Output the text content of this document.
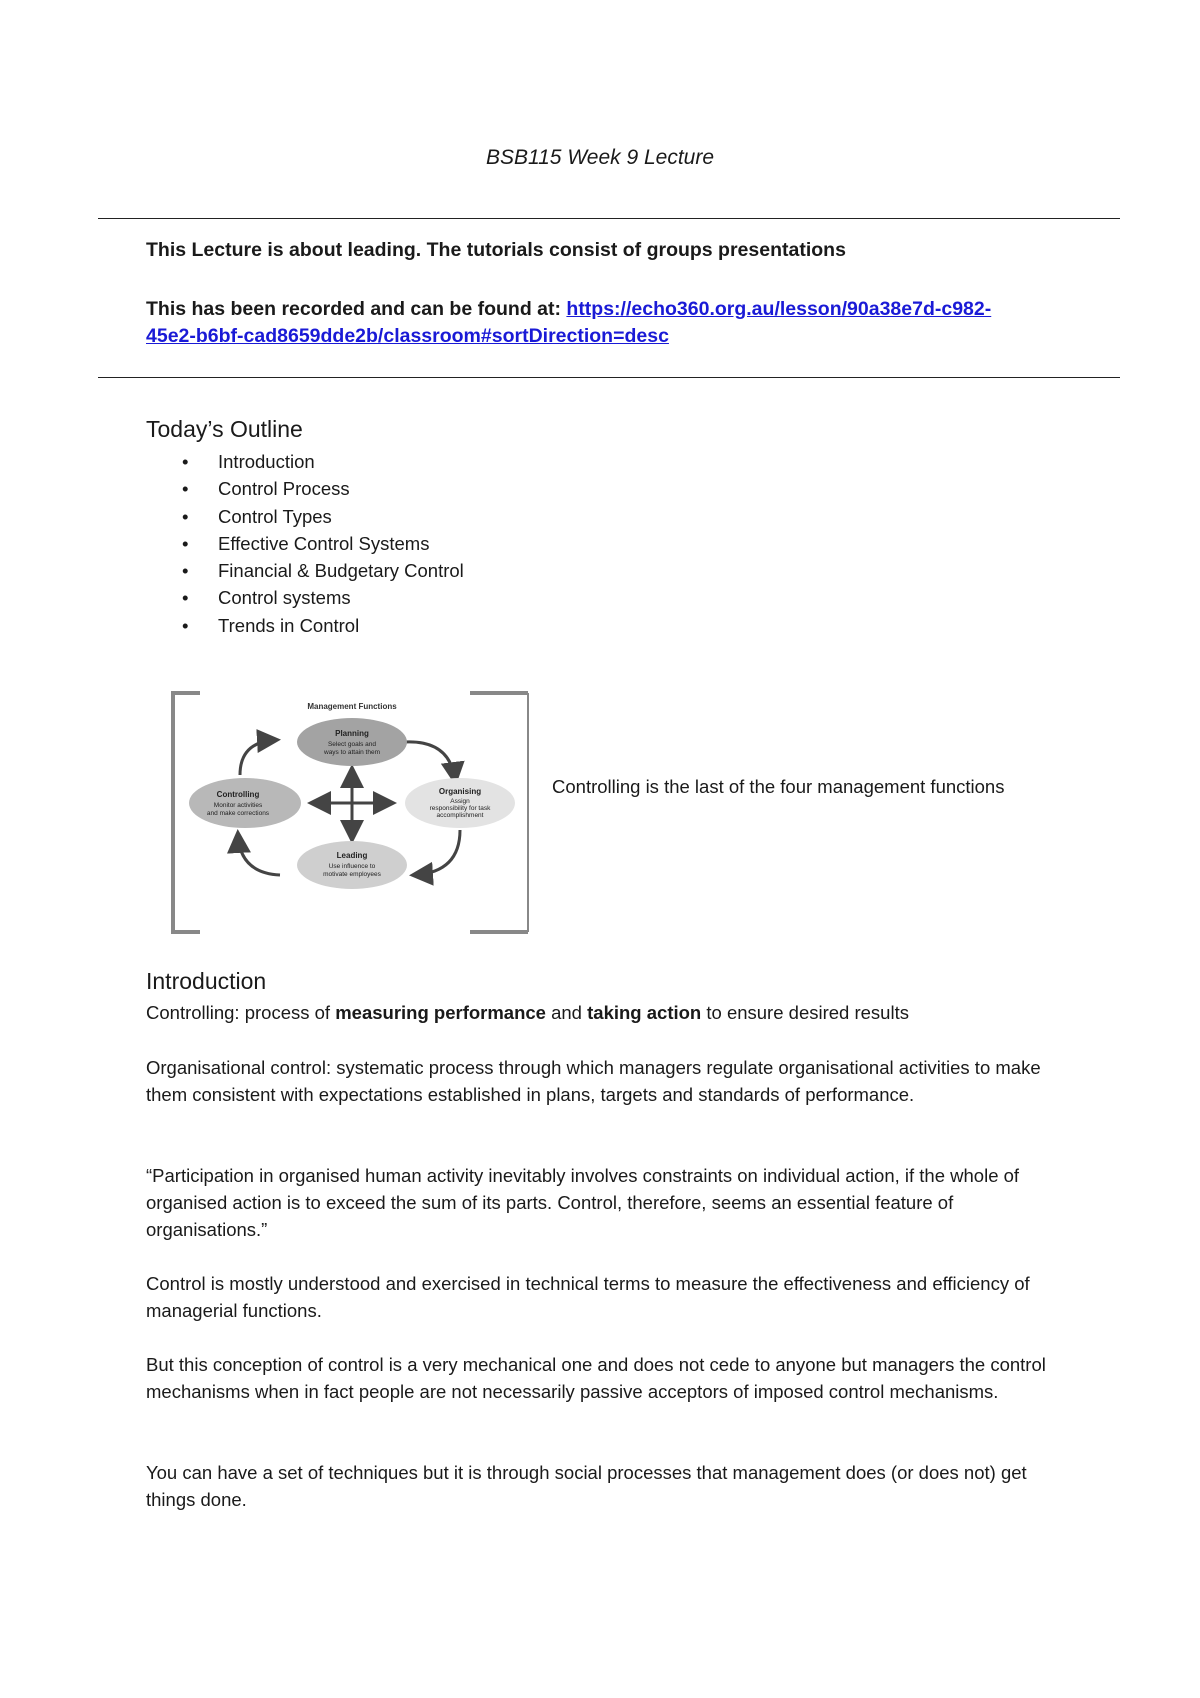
BSB115 Week 9 Lecture
This Lecture is about leading. The tutorials consist of groups presentations
This has been recorded and can be found at: https://echo360.org.au/lesson/90a38e7d-c982-
45e2-b6bf-cad8659dde2b/classroom#sortDirection=desc
Today’s Outline
• Introduction
• Control Process
• Control Types
• Effective Control Systems
• Financial & Budgetary Control
• Control systems
• Trends in Control
Management Functions
Planning
Select goals and
ways to attain them
Organising
Assign
responsibility for task
accomplishment
Leading
Use influence to
motivate employees
Controlling
Monitor activities
and make corrections
Controlling is the last of the four management functions
Introduction

Controlling: process of measuring performance and taking action to ensure desired results

Organisational control: systematic process through which managers regulate organisational activities to make them consistent with expectations established in plans, targets and standards of performance.
“Participation in organised human activity inevitably involves constraints on individual action, if the whole of organised action is to exceed the sum of its parts. Control, therefore, seems an essential feature of organisations.”
Control is mostly understood and exercised in technical terms to measure the effectiveness and efficiency of managerial functions.
But this conception of control is a very mechanical one and does not cede to anyone but managers the control mechanisms when in fact people are not necessarily passive acceptors of imposed control mechanisms.
You can have a set of techniques but it is through social processes that management does (or does not) get things done.
